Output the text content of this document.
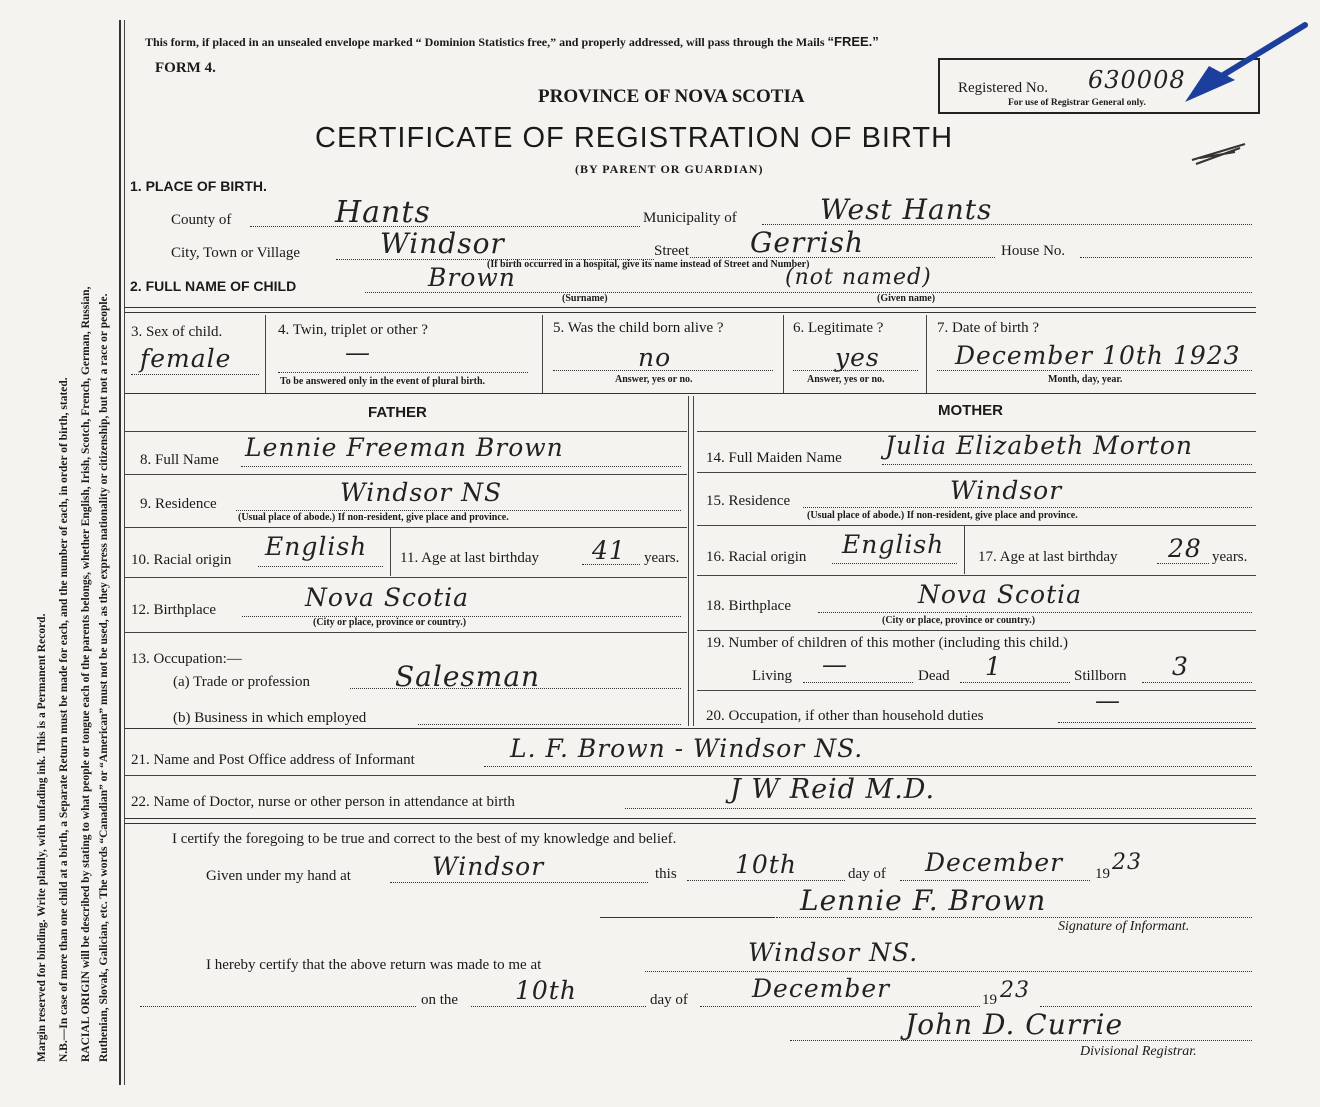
Margin reserved for binding. Write plainly, with unfading ink. This is a Permanent Record. N.B.—In case of more than one child at a birth, a Separate Return must be made for each, and the number of each, in order of birth, stated. RACIAL ORIGIN will be described by stating to what people or tongue each of the parents belongs, whether English, Irish, Scotch, French, German, Russian, Ruthenian, Slovak, Galician, etc. The words “Canadian” or “American” must not be used, as they express nationality or citizenship, but not a race or people.
This form, if placed in an unsealed envelope marked “ Dominion Statistics free,” and properly addressed, will pass through the Mails “FREE.”
FORM 4.
PROVINCE OF NOVA SCOTIA
CERTIFICATE OF REGISTRATION OF BIRTH
(BY PARENT OR GUARDIAN)
Registered No. 630008
For use of Registrar General only.
1. PLACE OF BIRTH.
County of	Hants	Municipality of	West Hants
City, Town or Village	Windsor	Street Gerrish	House No.
(If birth occurred in a hospital, give its name instead of Street and Number)
2. FULL NAME OF CHILD	Brown
(Surname)
(not named)
(Given name)
3. Sex of child.
female
4. Twin, triplet or other ?
—
To be answered only in the event of plural birth.
5. Was the child born alive ?
no
Answer, yes or no.
6. Legitimate ?
yes
Answer, yes or no.
7. Date of birth ?
December 10th 1923
Month, day, year.
FATHER	MOTHER
8. Full Name Lennie Freeman Brown
9. Residence	Windsor NS
(Usual place of abode.) If non-resident, give place and province.
10. Racial origin English 11. Age at last birthday 41 years.
12. Birthplace	Nova Scotia
(City or place, province or country.)
13. Occupation:—
(a) Trade or profession	Salesman
(b) Business in which employed
14. Full Maiden Name Julia Elizabeth Morton
15. Residence	Windsor
(Usual place of abode.) If non-resident, give place and province.
16. Racial origin English 17. Age at last birthday 28 years.
18. Birthplace	Nova Scotia
(City or place, province or country.)
19. Number of children of this mother (including this child.)
Living —	Dead 1	Stillborn 3
20. Occupation, if other than household duties
—
21. Name and Post Office address of Informant	L. F. Brown - Windsor NS.
22. Name of Doctor, nurse or other person in attendance at birth	J W Reid M.D.
I certify the foregoing to be true and correct to the best of my knowledge and belief.
Given under my hand at	Windsor	this 10th	day of December 19 23
Lennie F. Brown
Signature of Informant.
I hereby certify that the above return was made to me at	Windsor NS.
on the 10th	day of	December	19 23
John D. Currie
Divisional Registrar.
